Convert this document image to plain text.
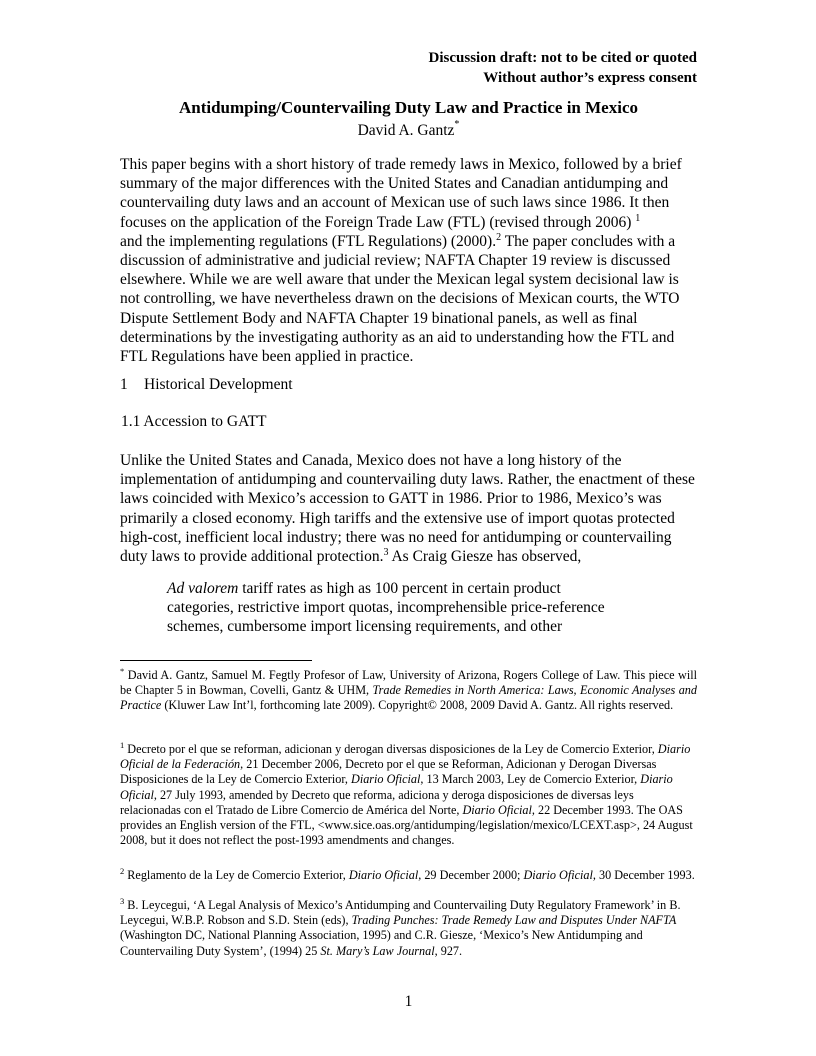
Discussion draft: not to be cited or quoted
Without author’s express consent
Antidumping/Countervailing Duty Law and Practice in Mexico
David A. Gantz*
This paper begins with a short history of trade remedy laws in Mexico, followed by a brief summary of the major differences with the United States and Canadian antidumping and countervailing duty laws and an account of Mexican use of such laws since 1986. It then focuses on the application of the Foreign Trade Law (FTL) (revised through 2006) $^1$
and the implementing regulations (FTL Regulations) (2000).$^2$ The paper concludes with a discussion of administrative and judicial review; NAFTA Chapter 19 review is discussed elsewhere. While we are well aware that under the Mexican legal system decisional law is not controlling, we have nevertheless drawn on the decisions of Mexican courts, the WTO Dispute Settlement Body and NAFTA Chapter 19 binational panels, as well as final determinations by the investigating authority as an aid to understanding how the FTL and FTL Regulations have been applied in practice.
1 Historical Development
1.1 Accession to GATT
Unlike the United States and Canada, Mexico does not have a long history of the implementation of antidumping and countervailing duty laws. Rather, the enactment of these laws coincided with Mexico’s accession to GATT in 1986. Prior to 1986, Mexico’s was primarily a closed economy. High tariffs and the extensive use of import quotas protected high-cost, inefficient local industry; there was no need for antidumping or countervailing duty laws to provide additional protection.$^3$ As Craig Giesze has observed,
Ad valorem tariff rates as high as 100 percent in certain product
categories, restrictive import quotas, incomprehensible price-reference
schemes, cumbersome import licensing requirements, and other
* David A. Gantz, Samuel M. Fegtly Profesor of Law, University of Arizona, Rogers College of Law. This piece will be Chapter 5 in Bowman, Covelli, Gantz & UHM, Trade Remedies in North America: Laws, Economic Analyses and Practice (Kluwer Law Int’l, forthcoming late 2009). Copyright© 2008, 2009 David A. Gantz. All rights reserved.
$^1$ Decreto por el que se reforman, adicionan y derogan diversas disposiciones de la Ley de Comercio Exterior, Diario Oficial de la Federación, 21 December 2006, Decreto por el que se Reforman, Adicionan y Derogan Diversas Disposiciones de la Ley de Comercio Exterior, Diario Oficial, 13 March 2003, Ley de Comercio Exterior, Diario Oficial, 27 July 1993, amended by Decreto que reforma, adiciona y deroga disposiciones de diversas leys relacionadas con el Tratado de Libre Comercio de América del Norte, Diario Oficial, 22 December 1993. The OAS provides an English version of the FTL, <www.sice.oas.org/antidumping/legislation/mexico/LCEXT.asp>, 24 August 2008, but it does not reflect the post-1993 amendments and changes.
$^2$ Reglamento de la Ley de Comercio Exterior, Diario Oficial, 29 December 2000; Diario Oficial, 30 December 1993.
$^3$ B. Leycegui, ‘A Legal Analysis of Mexico’s Antidumping and Countervailing Duty Regulatory Framework’ in B. Leycegui, W.B.P. Robson and S.D. Stein (eds), Trading Punches: Trade Remedy Law and Disputes Under NAFTA (Washington DC, National Planning Association, 1995) and C.R. Giesze, ‘Mexico’s New Antidumping and Countervailing Duty System’, (1994) 25 St. Mary’s Law Journal, 927.
1
